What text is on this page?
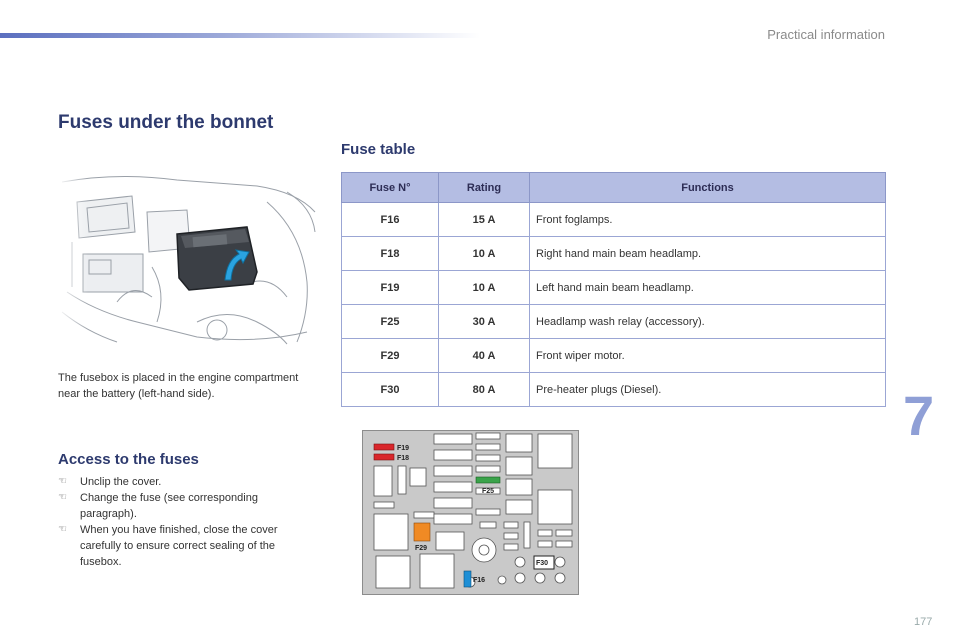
Practical information
Fuses under the bonnet
Fuse table
The fusebox is placed in the engine compartment near the battery (left-hand side).
Access to the fuses
☜ Unclip the cover.
☜ Change the fuse (see corresponding paragraph).
☜ When you have finished, close the cover carefully to ensure correct sealing of the fusebox.
Fuse N°	Rating	Functions
F16	15 A	Front foglamps.
F18	10 A	Right hand main beam headlamp.
F19	10 A	Left hand main beam headlamp.
F25	30 A	Headlamp wash relay (accessory).
F29	40 A	Front wiper motor.
F30	80 A	Pre-heater plugs (Diesel).
F19
F18
F25
F29
F16
F30
7
177
